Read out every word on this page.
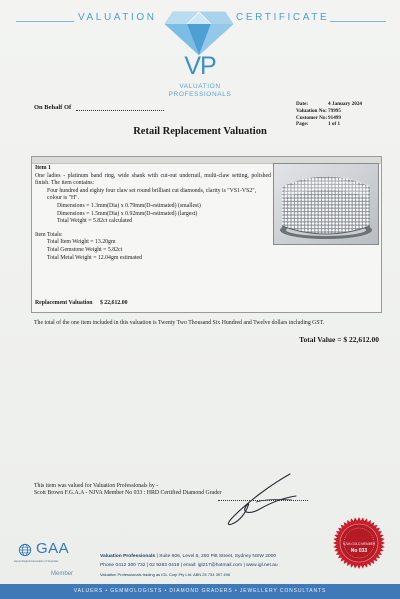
VALUATION	CERTIFICATE
VP
VALUATION
PROFESSIONALS
On Behalf Of	Date:	4 January 2024
Valuation No: 79995
Customer No: 91499
Page:	1 of 1
Retail Replacement Valuation
Item 1
One ladies - platinum band ring, wide shank with cut-out underrail, multi-claw setting, polished finish. The item contains:
Four hundred and eighty four claw set round brilliant cut diamonds, clarity is "VS1-VS2", colour is "H".
Dimensions = 1.3mm(Dia) x 0.79mm(D-estimated) (smallest)
Dimensions = 1.5mm(Dia) x 0.92mm(D-estimated) (largest)
Total Weight = 5.82ct calculated
Item Totals:
Total Item Weight = 13.20gm
Total Gemstone Weight = 5.82ct
Total Metal Weight = 12.04gm estimated
Replacement Valuation $ 22,612.00
The total of the one item included in this valuation is Twenty Two Thousand Six Hundred and Twelve dollars including GST.
Total Value = $ 22,612.00
This item was valued for Valuation Professionals by -
Scott Brown F.G.A.A - NJVA Member No 033 : HRD Certified Diamond Grader
GAA
Gemmological Association of Australia
Member
Valuation Professionals | Suite 606, Level 6, 250 Pitt Street, Sydney NSW 2000
Phone 0412 300 732 | 02 9283 0419 | email: igl217@hotmail.com | www.igl.net.au
Valuation Professionals trading as IGL Corp Pty Ltd. ABN 25 734 397 496
NJVA GOLD MEMBER
No 033
VALUERS • GEMMOLOGISTS • DIAMOND GRADERS • JEWELLERY CONSULTANTS
